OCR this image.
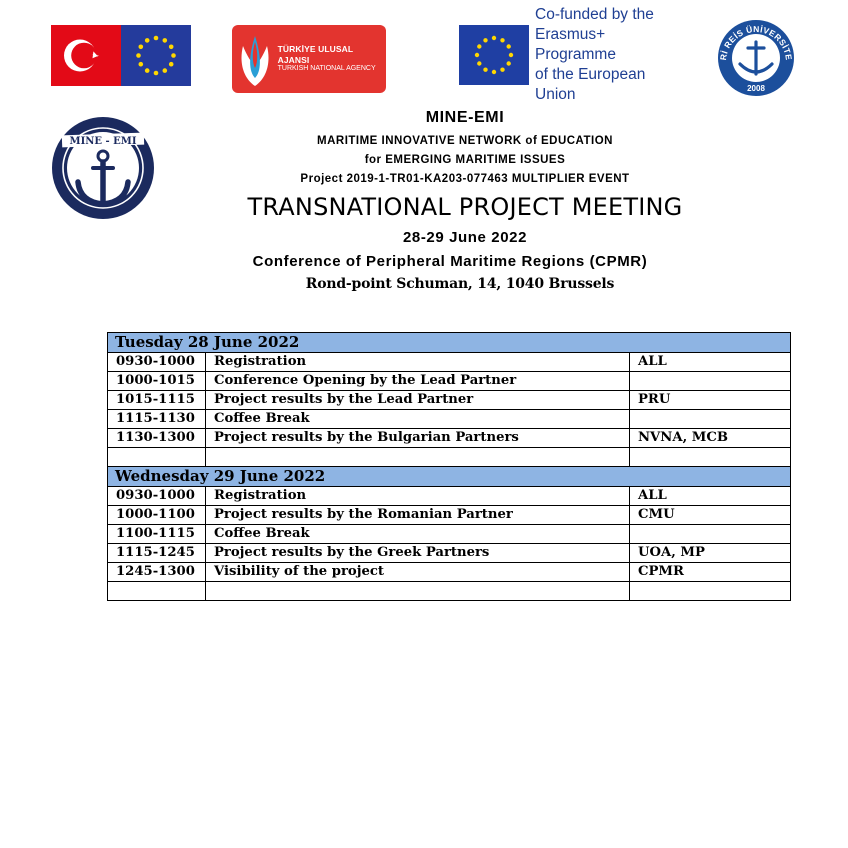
TÜRKİYE ULUSAL AJANSI
TURKISH NATIONAL AGENCY
Co-funded by the
Erasmus+ Programme
of the European Union
Rİ REİS ÜNİVERSİTE
2008
MINE - EMI
MINE-EMI
MARITIME INNOVATIVE NETWORK of EDUCATION
for EMERGING MARITIME ISSUES
Project 2019-1-TR01-KA203-077463 MULTIPLIER EVENT
TRANSNATIONAL PROJECT MEETING
28-29 June 2022
Conference of Peripheral Maritime Regions (CPMR)
Rond-point Schuman, 14, 1040 Brussels
Tuesday 28 June 2022		
0930-1000	Registration	ALL
1000-1015	Conference Opening by the Lead Partner	
1015-1115	Project results by the Lead Partner	PRU
1115-1130	Coffee Break	
1130-1300	Project results by the Bulgarian Partners	NVNA, MCB

Wednesday 29 June 2022		
0930-1000	Registration	ALL
1000-1100	Project results by the Romanian Partner	CMU
1100-1115	Coffee Break	
1115-1245	Project results by the Greek Partners	UOA, MP
1245-1300	Visibility of the project	CPMR
